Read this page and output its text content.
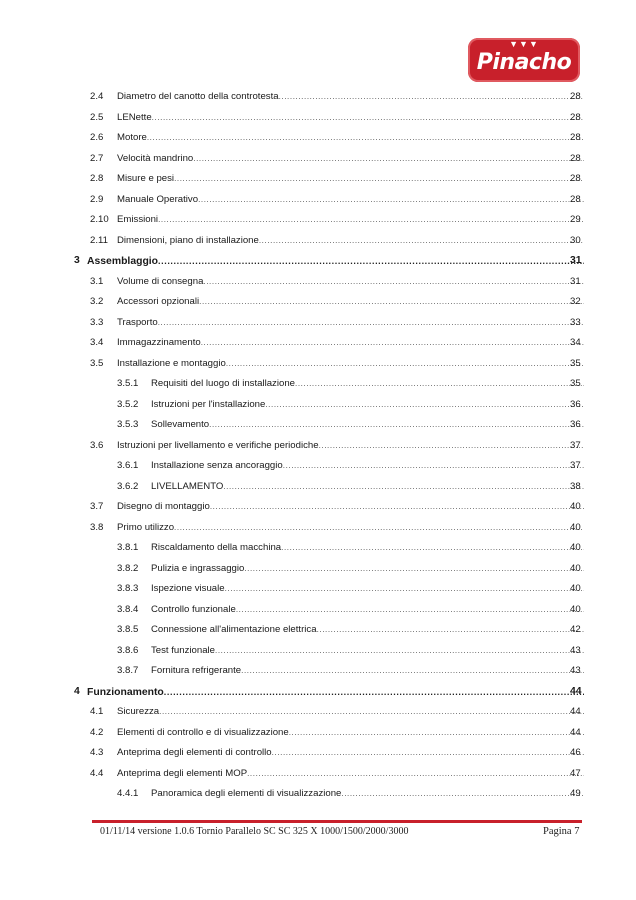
▼▼▼
Pinacho
2.4 Diametro del canotto della controtesta .....	28
2.5 LENette .....	28
2.6 Motore .....	28
2.7 Velocità mandrino .....	28
2.8 Misure e pesi .....	28
2.9 Manuale Operativo .....	28
2.10 Emissioni .....	29
2.11 Dimensioni, piano di installazione .....	30
3 Assemblaggio .....	31
3.1 Volume di consegna .....	31
3.2 Accessori opzionali .....	32
3.3 Trasporto .....	33
3.4 Immagazzinamento .....	34
3.5 Installazione e montaggio .....	35
3.5.1 Requisiti del luogo di installazione .....	35
3.5.2 Istruzioni per l'installazione .....	36
3.5.3 Sollevamento .....	36
3.6 Istruzioni per livellamento e verifiche periodiche .....	37
3.6.1 Installazione senza ancoraggio .....	37
3.6.2 LIVELLAMENTO .....	38
3.7 Disegno di montaggio .....	40
3.8 Primo utilizzo .....	40
3.8.1 Riscaldamento della macchina .....	40
3.8.2 Pulizia e ingrassaggio .....	40
3.8.3 Ispezione visuale .....	40
3.8.4 Controllo funzionale .....	40
3.8.5 Connessione all'alimentazione elettrica .....	42
3.8.6 Test funzionale .....	43
3.8.7 Fornitura refrigerante .....	43
4 Funzionamento .....	44
4.1 Sicurezza .....	44
4.2 Elementi di controllo e di visualizzazione .....	44
4.3 Anteprima degli elementi di controllo .....	46
4.4 Anteprima degli elementi MOP .....	47
4.4.1 Panoramica degli elementi di visualizzazione .....	49
01/11/14 versione 1.0.6 Tornio Parallelo SC SC 325 X 1000/1500/2000/3000	Pagina 7
